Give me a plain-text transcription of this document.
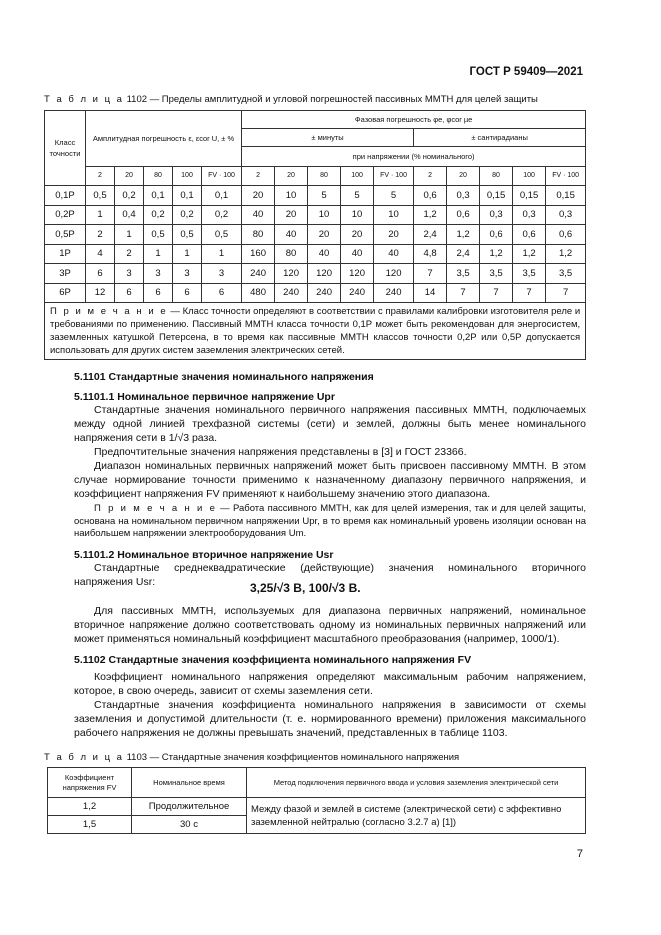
ГОСТ Р 59409—2021
Т а б л и ц а 1102 — Пределы амплитудной и угловой погрешностей пассивных ММТН для целей защиты
Класс точности	Амплитудная погрешность ε, εcor U, ± %					Фазовая погрешность φe, φcor µe									
						± минуты					± сантирадианы				
						при напряжении (% номинального)									
	2	20	80	100	FV · 100	2	20	80	100	FV · 100	2	20	80	100	FV · 100
0,1P	0,5	0,2	0,1	0,1	0,1	20	10	5	5	5	0,6	0,3	0,15	0,15	0,15
0,2P	1	0,4	0,2	0,2	0,2	40	20	10	10	10	1,2	0,6	0,3	0,3	0,3
0,5P	2	1	0,5	0,5	0,5	80	40	20	20	20	2,4	1,2	0,6	0,6	0,6
1P	4	2	1	1	1	160	80	40	40	40	4,8	2,4	1,2	1,2	1,2
3P	6	3	3	3	3	240	120	120	120	120	7	3,5	3,5	3,5	3,5
6P	12	6	6	6	6	480	240	240	240	240	14	7	7	7	7
П р и м е ч а н и е — Класс точности определяют в соответствии с правилами калибровки изготовителя реле и требованиями по применению. Пассивный ММТН класса точности 0,1P может быть рекомендован для энергосистем, заземленных катушкой Петерсена, в то время как пассивные ММТН классов точности 0,2P или 0,5P допускается использовать для других систем заземления электрических сетей.															
5.1101 Стандартные значения номинального напряжения
5.1101.1 Номинальное первичное напряжение Upr
Стандартные значения номинального первичного напряжения пассивных ММТН, подключаемых между одной линией трехфазной системы (сети) и землей, должны быть менее номинального напряжения сети в 1/√3 раза.
Предпочтительные значения напряжения представлены в [3] и ГОСТ 23366.
Диапазон номинальных первичных напряжений может быть присвоен пассивному ММТН. В этом случае нормирование точности применимо к назначенному диапазону первичного напряжения, и коэффициент напряжения FV применяют к наибольшему значению этого диапазона.
П р и м е ч а н и е — Работа пассивного ММТН, как для целей измерения, так и для целей защиты, основана на номинальном первичном напряжении Upr, в то время как номинальный уровень изоляции основан на наибольшем напряжении электрооборудования Um.
5.1101.2 Номинальное вторичное напряжение Usr
Стандартные среднеквадратические (действующие) значения номинального вторичного напряжения Usr:	3,25/√3 В, 100/√3 В.
Для пассивных ММТН, используемых для диапазона первичных напряжений, номинальное вторичное напряжение должно соответствовать одному из номинальных первичных напряжений или может применяться номинальный коэффициент масштабного преобразования (например, 1000/1).
5.1102 Стандартные значения коэффициента номинального напряжения FV
Коэффициент номинального напряжения определяют максимальным рабочим напряжением, которое, в свою очередь, зависит от схемы заземления сети.
Стандартные значения коэффициента номинального напряжения в зависимости от схемы заземления и допустимой длительности (т. е. нормированного времени) приложения максимального рабочего напряжения не должны превышать значений, представленных в таблице 1103.
Т а б л и ц а 1103 — Стандартные значения коэффициентов номинального напряжения
Коэффициент напряжения FV	Номинальное время	Метод подключения первичного ввода и условия заземления электрической сети
1,2	Продолжительное	Между фазой и землей в системе (электрической сети) с эффективно заземленной нейтралью (согласно 3.2.7 а) [1])
1,5	30 с	
7
